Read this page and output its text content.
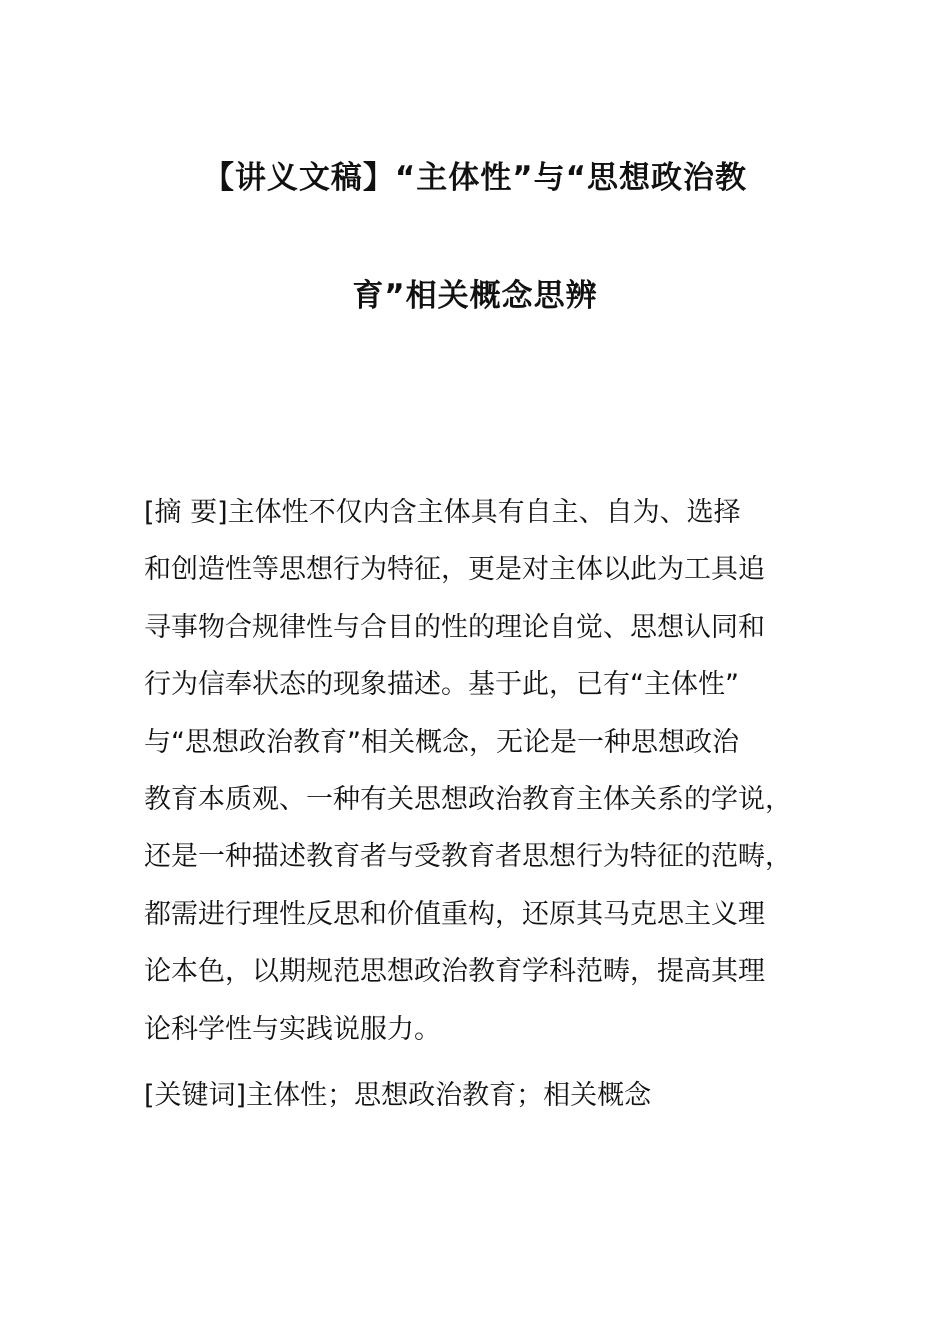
【讲义文稿】“主体性”与“思想政治教
育”相关概念思辨
[摘 要]主体性不仅内含主体具有自主、自为、选择
和创造性等思想行为特征，更是对主体以此为工具追
寻事物合规律性与合目的性的理论自觉、思想认同和
行为信奉状态的现象描述。基于此，已有“主体性”
与“思想政治教育”相关概念，无论是一种思想政治
教育本质观、一种有关思想政治教育主体关系的学说，
还是一种描述教育者与受教育者思想行为特征的范畴，
都需进行理性反思和价值重构，还原其马克思主义理
论本色，以期规范思想政治教育学科范畴，提高其理
论科学性与实践说服力。
[关键词]主体性；思想政治教育；相关概念
